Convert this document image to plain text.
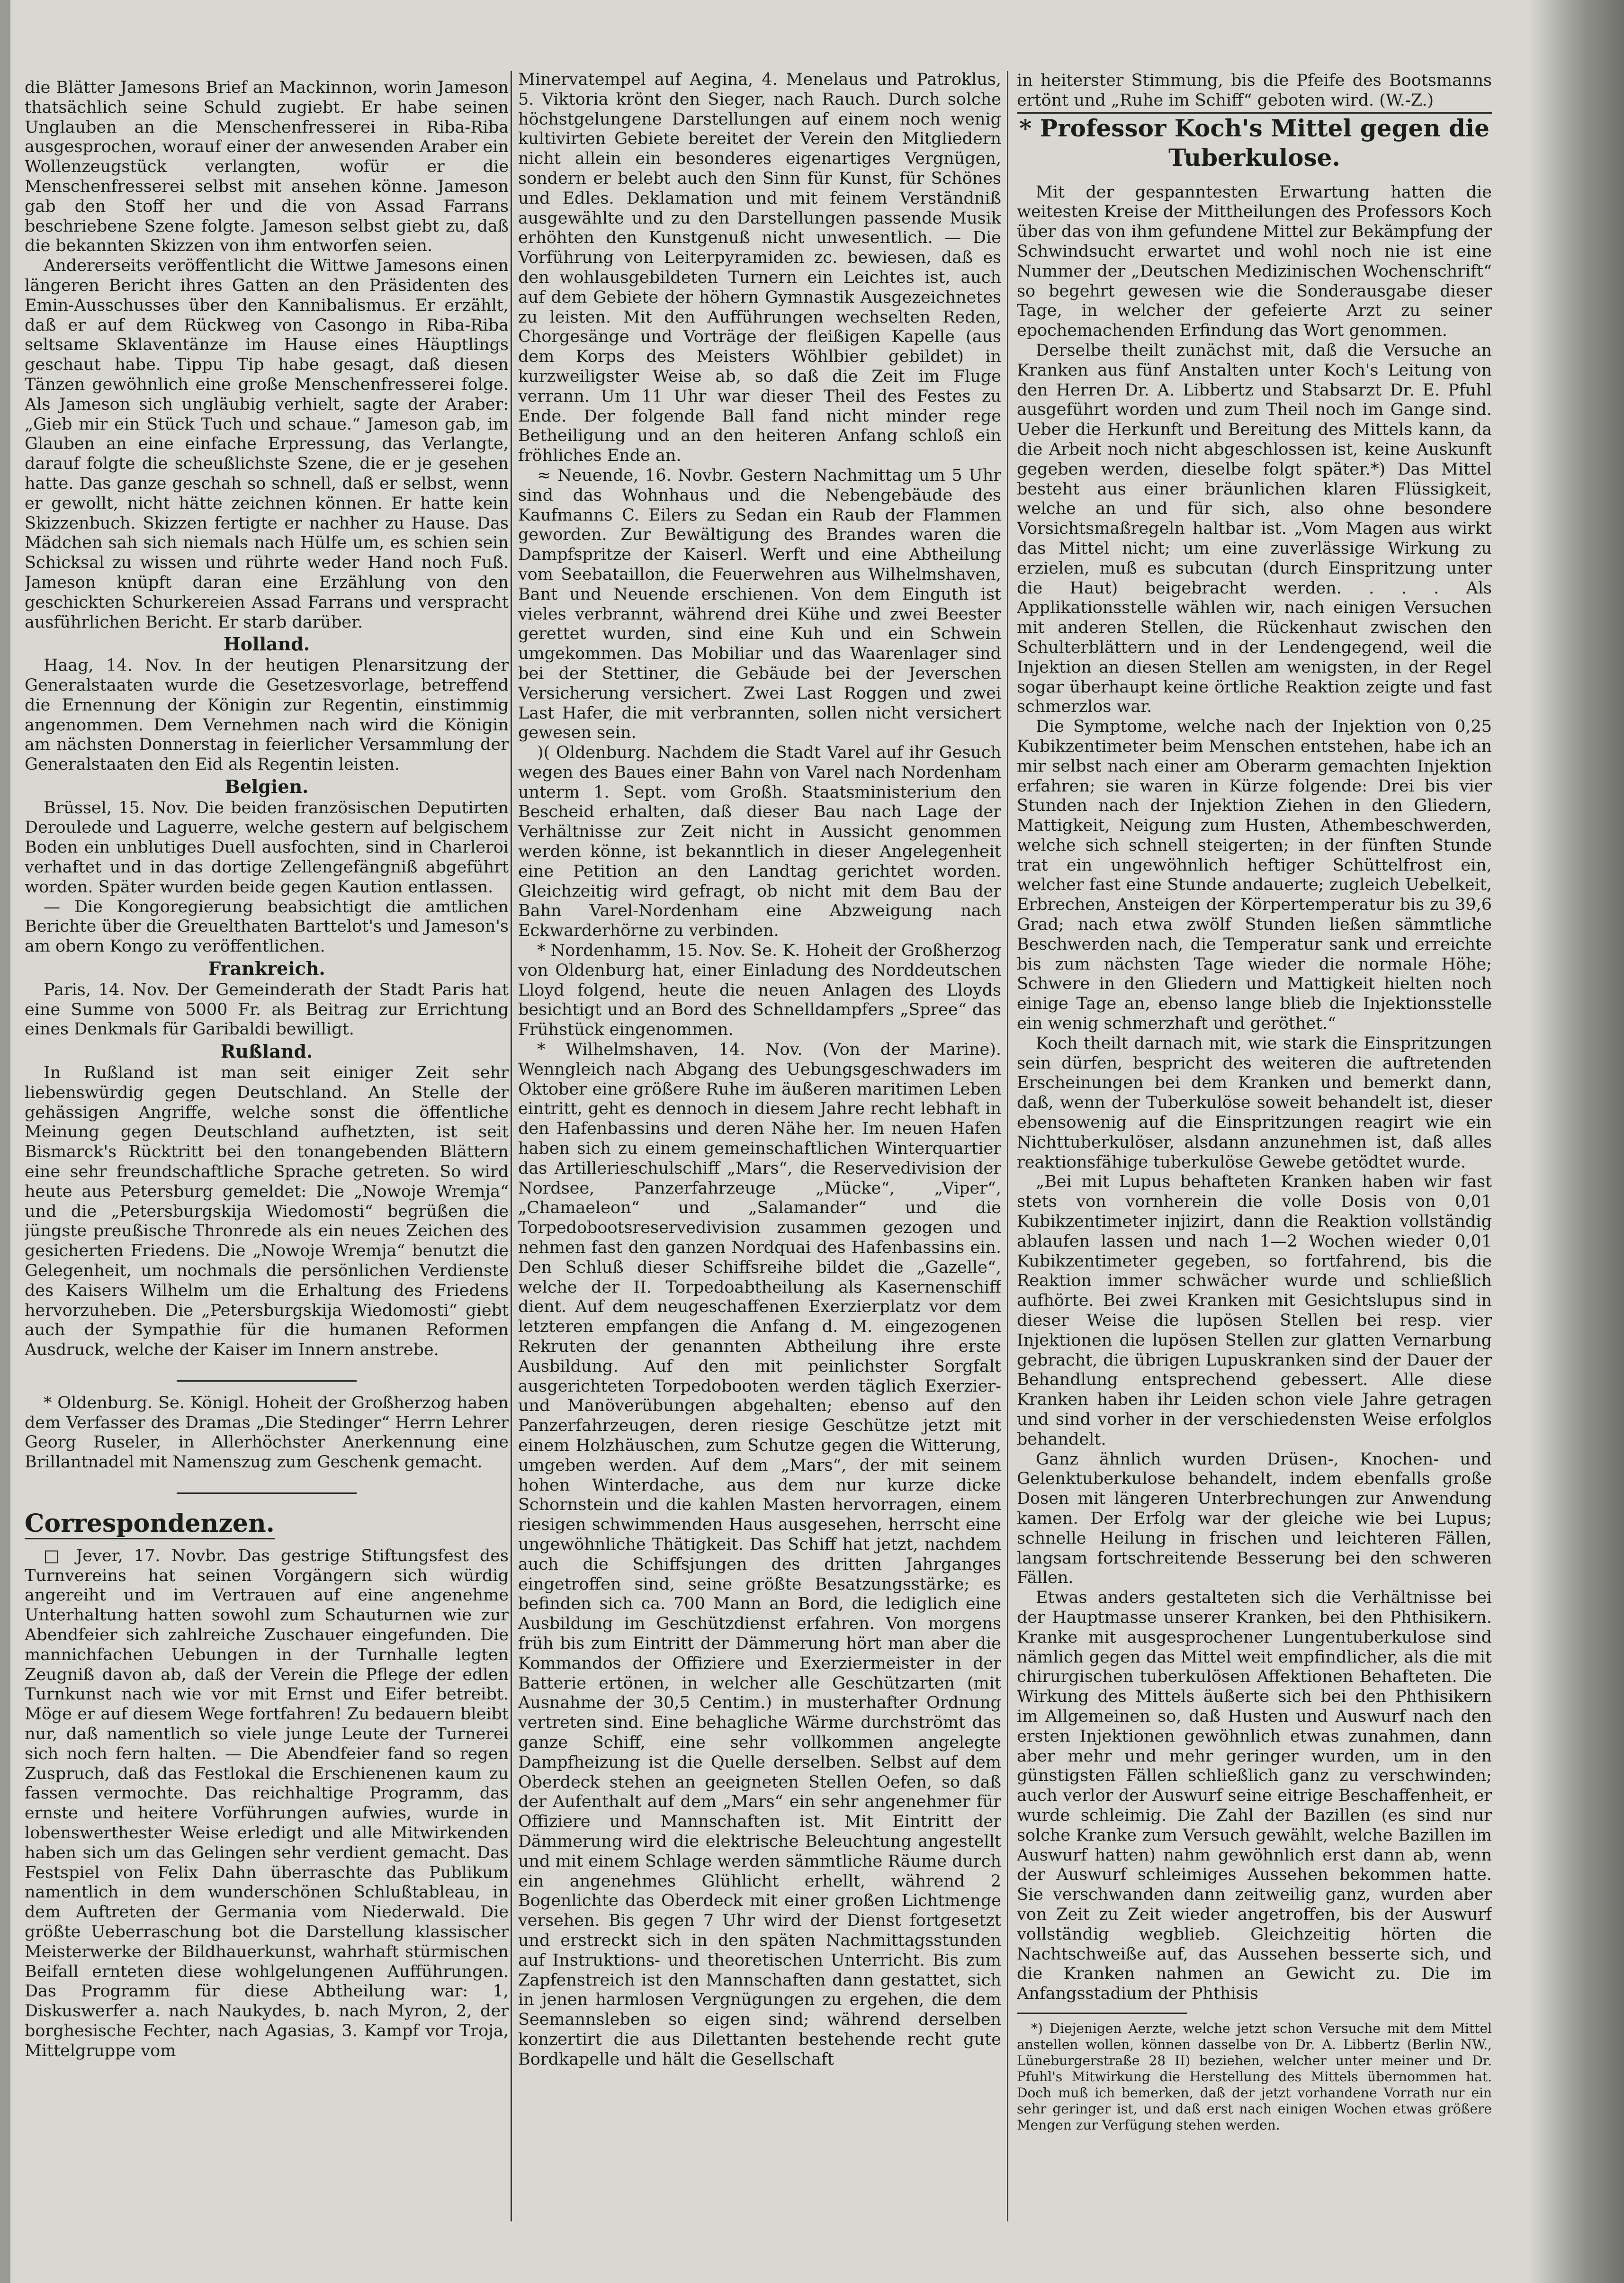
die Blätter Jamesons Brief an Mackinnon, worin Jameson thatsächlich seine Schuld zugiebt. Er habe seinen Unglauben an die Menschenfresserei in Riba-Riba ausgesprochen, worauf einer der anwesenden Araber ein Wollenzeugstück verlangten, wofür er die Menschenfresserei selbst mit ansehen könne. Jameson gab den Stoff her und die von Assad Farrans beschriebene Szene folgte. Jameson selbst giebt zu, daß die bekannten Skizzen von ihm entworfen seien.

Andererseits veröffentlicht die Wittwe Jamesons einen längeren Bericht ihres Gatten an den Präsidenten des Emin-Ausschusses über den Kannibalismus. Er erzählt, daß er auf dem Rückweg von Casongo in Riba-Riba seltsame Sklaventänze im Hause eines Häuptlings geschaut habe. Tippu Tip habe gesagt, daß diesen Tänzen gewöhnlich eine große Menschenfresserei folge. Als Jameson sich ungläubig verhielt, sagte der Araber: „Gieb mir ein Stück Tuch und schaue.“ Jameson gab, im Glauben an eine einfache Erpressung, das Verlangte, darauf folgte die scheußlichste Szene, die er je gesehen hatte. Das ganze geschah so schnell, daß er selbst, wenn er gewollt, nicht hätte zeichnen können. Er hatte kein Skizzenbuch. Skizzen fertigte er nachher zu Hause. Das Mädchen sah sich niemals nach Hülfe um, es schien sein Schicksal zu wissen und rührte weder Hand noch Fuß. Jameson knüpft daran eine Erzählung von den geschickten Schurkereien Assad Farrans und verspracht ausführlichen Bericht. Er starb darüber.

Holland.

Haag, 14. Nov. In der heutigen Plenarsitzung der Generalstaaten wurde die Gesetzesvorlage, betreffend die Ernennung der Königin zur Regentin, einstimmig angenommen. Dem Vernehmen nach wird die Königin am nächsten Donnerstag in feierlicher Versammlung der Generalstaaten den Eid als Regentin leisten.

Belgien.

Brüssel, 15. Nov. Die beiden französischen Deputirten Deroulede und Laguerre, welche gestern auf belgischem Boden ein unblutiges Duell ausfochten, sind in Charleroi verhaftet und in das dortige Zellengefängniß abgeführt worden. Später wurden beide gegen Kaution entlassen.

— Die Kongoregierung beabsichtigt die amtlichen Berichte über die Greuelthaten Barttelot's und Jameson's am obern Kongo zu veröffentlichen.

Frankreich.

Paris, 14. Nov. Der Gemeinderath der Stadt Paris hat eine Summe von 5000 Fr. als Beitrag zur Errichtung eines Denkmals für Garibaldi bewilligt.

Rußland.

In Rußland ist man seit einiger Zeit sehr liebenswürdig gegen Deutschland. An Stelle der gehässigen Angriffe, welche sonst die öffentliche Meinung gegen Deutschland aufhetzten, ist seit Bismarck's Rücktritt bei den tonangebenden Blättern eine sehr freundschaftliche Sprache getreten. So wird heute aus Petersburg gemeldet: Die „Nowoje Wremja“ und die „Petersburgskija Wiedomosti“ begrüßen die jüngste preußische Thronrede als ein neues Zeichen des gesicherten Friedens. Die „Nowoje Wremja“ benutzt die Gelegenheit, um nochmals die persönlichen Verdienste des Kaisers Wilhelm um die Erhaltung des Friedens hervorzuheben. Die „Petersburgskija Wiedomosti“ giebt auch der Sympathie für die humanen Reformen Ausdruck, welche der Kaiser im Innern anstrebe.

* Oldenburg. Se. Königl. Hoheit der Großherzog haben dem Verfasser des Dramas „Die Stedinger“ Herrn Lehrer Georg Ruseler, in Allerhöchster Anerkennung eine Brillantnadel mit Namenszug zum Geschenk gemacht.

Correspondenzen.

□ Jever, 17. Novbr. Das gestrige Stiftungsfest des Turnvereins hat seinen Vorgängern sich würdig angereiht und im Vertrauen auf eine angenehme Unterhaltung hatten sowohl zum Schauturnen wie zur Abendfeier sich zahlreiche Zuschauer eingefunden. Die mannichfachen Uebungen in der Turnhalle legten Zeugniß davon ab, daß der Verein die Pflege der edlen Turnkunst nach wie vor mit Ernst und Eifer betreibt. Möge er auf diesem Wege fortfahren! Zu bedauern bleibt nur, daß namentlich so viele junge Leute der Turnerei sich noch fern halten. — Die Abendfeier fand so regen Zuspruch, daß das Festlokal die Erschienenen kaum zu fassen vermochte. Das reichhaltige Programm, das ernste und heitere Vorführungen aufwies, wurde in lobenswerthester Weise erledigt und alle Mitwirkenden haben sich um das Gelingen sehr verdient gemacht. Das Festspiel von Felix Dahn überraschte das Publikum namentlich in dem wunderschönen Schlußtableau, in dem Auftreten der Germania vom Niederwald. Die größte Ueberraschung bot die Darstellung klassischer Meisterwerke der Bildhauerkunst, wahrhaft stürmischen Beifall ernteten diese wohlgelungenen Aufführungen. Das Programm für diese Abtheilung war: 1, Diskuswerfer a. nach Naukydes, b. nach Myron, 2, der borghesische Fechter, nach Agasias, 3. Kampf vor Troja, Mittelgruppe vom

Minervatempel auf Aegina, 4. Menelaus und Patroklus, 5. Viktoria krönt den Sieger, nach Rauch. Durch solche höchstgelungene Darstellungen auf einem noch wenig kultivirten Gebiete bereitet der Verein den Mitgliedern nicht allein ein besonderes eigenartiges Vergnügen, sondern er belebt auch den Sinn für Kunst, für Schönes und Edles. Deklamation und mit feinem Verständniß ausgewählte und zu den Darstellungen passende Musik erhöhten den Kunstgenuß nicht unwesentlich. — Die Vorführung von Leiterpyramiden zc. bewiesen, daß es den wohlausgebildeten Turnern ein Leichtes ist, auch auf dem Gebiete der höhern Gymnastik Ausgezeichnetes zu leisten. Mit den Aufführungen wechselten Reden, Chorgesänge und Vorträge der fleißigen Kapelle (aus dem Korps des Meisters Wöhlbier gebildet) in kurzweiligster Weise ab, so daß die Zeit im Fluge verrann. Um 11 Uhr war dieser Theil des Festes zu Ende. Der folgende Ball fand nicht minder rege Betheiligung und an den heiteren Anfang schloß ein fröhliches Ende an.

≈ Neuende, 16. Novbr. Gestern Nachmittag um 5 Uhr sind das Wohnhaus und die Nebengebäude des Kaufmanns C. Eilers zu Sedan ein Raub der Flammen geworden. Zur Bewältigung des Brandes waren die Dampfspritze der Kaiserl. Werft und eine Abtheilung vom Seebataillon, die Feuerwehren aus Wilhelmshaven, Bant und Neuende erschienen. Von dem Einguth ist vieles verbrannt, während drei Kühe und zwei Beester gerettet wurden, sind eine Kuh und ein Schwein umgekommen. Das Mobiliar und das Waarenlager sind bei der Stettiner, die Gebäude bei der Jeverschen Versicherung versichert. Zwei Last Roggen und zwei Last Hafer, die mit verbrannten, sollen nicht versichert gewesen sein.

)( Oldenburg. Nachdem die Stadt Varel auf ihr Gesuch wegen des Baues einer Bahn von Varel nach Nordenham unterm 1. Sept. vom Großh. Staatsministerium den Bescheid erhalten, daß dieser Bau nach Lage der Verhältnisse zur Zeit nicht in Aussicht genommen werden könne, ist bekanntlich in dieser Angelegenheit eine Petition an den Landtag gerichtet worden. Gleichzeitig wird gefragt, ob nicht mit dem Bau der Bahn Varel-Nordenham eine Abzweigung nach Eckwarderhörne zu verbinden.

* Nordenhamm, 15. Nov. Se. K. Hoheit der Großherzog von Oldenburg hat, einer Einladung des Norddeutschen Lloyd folgend, heute die neuen Anlagen des Lloyds besichtigt und an Bord des Schnelldampfers „Spree“ das Frühstück eingenommen.

* Wilhelmshaven, 14. Nov. (Von der Marine). Wenngleich nach Abgang des Uebungsgeschwaders im Oktober eine größere Ruhe im äußeren maritimen Leben eintritt, geht es dennoch in diesem Jahre recht lebhaft in den Hafenbassins und deren Nähe her. Im neuen Hafen haben sich zu einem gemeinschaftlichen Winterquartier das Artillerieschulschiff „Mars“, die Reservedivision der Nordsee, Panzerfahrzeuge „Mücke“, „Viper“, „Chamaeleon“ und „Salamander“ und die Torpedobootsreservedivision zusammen gezogen und nehmen fast den ganzen Nordquai des Hafenbassins ein. Den Schluß dieser Schiffsreihe bildet die „Gazelle“, welche der II. Torpedoabtheilung als Kasernenschiff dient. Auf dem neugeschaffenen Exerzierplatz vor dem letzteren empfangen die Anfang d. M. eingezogenen Rekruten der genannten Abtheilung ihre erste Ausbildung. Auf den mit peinlichster Sorgfalt ausgerichteten Torpedobooten werden täglich Exerzier- und Manöverübungen abgehalten; ebenso auf den Panzerfahrzeugen, deren riesige Geschütze jetzt mit einem Holzhäuschen, zum Schutze gegen die Witterung, umgeben werden. Auf dem „Mars“, der mit seinem hohen Winterdache, aus dem nur kurze dicke Schornstein und die kahlen Masten hervorragen, einem riesigen schwimmenden Haus ausgesehen, herrscht eine ungewöhnliche Thätigkeit. Das Schiff hat jetzt, nachdem auch die Schiffsjungen des dritten Jahrganges eingetroffen sind, seine größte Besatzungsstärke; es befinden sich ca. 700 Mann an Bord, die lediglich eine Ausbildung im Geschützdienst erfahren. Von morgens früh bis zum Eintritt der Dämmerung hört man aber die Kommandos der Offiziere und Exerziermeister in der Batterie ertönen, in welcher alle Geschützarten (mit Ausnahme der 30,5 Centim.) in musterhafter Ordnung vertreten sind. Eine behagliche Wärme durchströmt das ganze Schiff, eine sehr vollkommen angelegte Dampfheizung ist die Quelle derselben. Selbst auf dem Oberdeck stehen an geeigneten Stellen Oefen, so daß der Aufenthalt auf dem „Mars“ ein sehr angenehmer für Offiziere und Mannschaften ist. Mit Eintritt der Dämmerung wird die elektrische Beleuchtung angestellt und mit einem Schlage werden sämmtliche Räume durch ein angenehmes Glühlicht erhellt, während 2 Bogenlichte das Oberdeck mit einer großen Lichtmenge versehen. Bis gegen 7 Uhr wird der Dienst fortgesetzt und erstreckt sich in den späten Nachmittagsstunden auf Instruktions- und theoretischen Unterricht. Bis zum Zapfenstreich ist den Mannschaften dann gestattet, sich in jenen harmlosen Vergnügungen zu ergehen, die dem Seemannsleben so eigen sind; während derselben konzertirt die aus Dilettanten bestehende recht gute Bordkapelle und hält die Gesellschaft

in heiterster Stimmung, bis die Pfeife des Bootsmanns ertönt und „Ruhe im Schiff“ geboten wird. (W.-Z.)

* Professor Koch's Mittel gegen die Tuberkulose.

Mit der gespanntesten Erwartung hatten die weitesten Kreise der Mittheilungen des Professors Koch über das von ihm gefundene Mittel zur Bekämpfung der Schwindsucht erwartet und wohl noch nie ist eine Nummer der „Deutschen Medizinischen Wochenschrift“ so begehrt gewesen wie die Sonderausgabe dieser Tage, in welcher der gefeierte Arzt zu seiner epochemachenden Erfindung das Wort genommen.

Derselbe theilt zunächst mit, daß die Versuche an Kranken aus fünf Anstalten unter Koch's Leitung von den Herren Dr. A. Libbertz und Stabsarzt Dr. E. Pfuhl ausgeführt worden und zum Theil noch im Gange sind. Ueber die Herkunft und Bereitung des Mittels kann, da die Arbeit noch nicht abgeschlossen ist, keine Auskunft gegeben werden, dieselbe folgt später.*) Das Mittel besteht aus einer bräunlichen klaren Flüssigkeit, welche an und für sich, also ohne besondere Vorsichtsmaßregeln haltbar ist. „Vom Magen aus wirkt das Mittel nicht; um eine zuverlässige Wirkung zu erzielen, muß es subcutan (durch Einspritzung unter die Haut) beigebracht werden. . . . Als Applikationsstelle wählen wir, nach einigen Versuchen mit anderen Stellen, die Rückenhaut zwischen den Schulterblättern und in der Lendengegend, weil die Injektion an diesen Stellen am wenigsten, in der Regel sogar überhaupt keine örtliche Reaktion zeigte und fast schmerzlos war.

Die Symptome, welche nach der Injektion von 0,25 Kubikzentimeter beim Menschen entstehen, habe ich an mir selbst nach einer am Oberarm gemachten Injektion erfahren; sie waren in Kürze folgende: Drei bis vier Stunden nach der Injektion Ziehen in den Gliedern, Mattigkeit, Neigung zum Husten, Athembeschwerden, welche sich schnell steigerten; in der fünften Stunde trat ein ungewöhnlich heftiger Schüttelfrost ein, welcher fast eine Stunde andauerte; zugleich Uebelkeit, Erbrechen, Ansteigen der Körpertemperatur bis zu 39,6 Grad; nach etwa zwölf Stunden ließen sämmtliche Beschwerden nach, die Temperatur sank und erreichte bis zum nächsten Tage wieder die normale Höhe; Schwere in den Gliedern und Mattigkeit hielten noch einige Tage an, ebenso lange blieb die Injektionsstelle ein wenig schmerzhaft und geröthet.“

Koch theilt darnach mit, wie stark die Einspritzungen sein dürfen, bespricht des weiteren die auftretenden Erscheinungen bei dem Kranken und bemerkt dann, daß, wenn der Tuberkulöse soweit behandelt ist, dieser ebensowenig auf die Einspritzungen reagirt wie ein Nichttuberkulöser, alsdann anzunehmen ist, daß alles reaktionsfähige tuberkulöse Gewebe getödtet wurde.

„Bei mit Lupus behafteten Kranken haben wir fast stets von vornherein die volle Dosis von 0,01 Kubikzentimeter injizirt, dann die Reaktion vollständig ablaufen lassen und nach 1—2 Wochen wieder 0,01 Kubikzentimeter gegeben, so fortfahrend, bis die Reaktion immer schwächer wurde und schließlich aufhörte. Bei zwei Kranken mit Gesichtslupus sind in dieser Weise die lupösen Stellen bei resp. vier Injektionen die lupösen Stellen zur glatten Vernarbung gebracht, die übrigen Lupuskranken sind der Dauer der Behandlung entsprechend gebessert. Alle diese Kranken haben ihr Leiden schon viele Jahre getragen und sind vorher in der verschiedensten Weise erfolglos behandelt.

Ganz ähnlich wurden Drüsen-, Knochen- und Gelenktuberkulose behandelt, indem ebenfalls große Dosen mit längeren Unterbrechungen zur Anwendung kamen. Der Erfolg war der gleiche wie bei Lupus; schnelle Heilung in frischen und leichteren Fällen, langsam fortschreitende Besserung bei den schweren Fällen.

Etwas anders gestalteten sich die Verhältnisse bei der Hauptmasse unserer Kranken, bei den Phthisikern. Kranke mit ausgesprochener Lungentuberkulose sind nämlich gegen das Mittel weit empfindlicher, als die mit chirurgischen tuberkulösen Affektionen Behafteten. Die Wirkung des Mittels äußerte sich bei den Phthisikern im Allgemeinen so, daß Husten und Auswurf nach den ersten Injektionen gewöhnlich etwas zunahmen, dann aber mehr und mehr geringer wurden, um in den günstigsten Fällen schließlich ganz zu verschwinden; auch verlor der Auswurf seine eitrige Beschaffenheit, er wurde schleimig. Die Zahl der Bazillen (es sind nur solche Kranke zum Versuch gewählt, welche Bazillen im Auswurf hatten) nahm gewöhnlich erst dann ab, wenn der Auswurf schleimiges Aussehen bekommen hatte. Sie verschwanden dann zeitweilig ganz, wurden aber von Zeit zu Zeit wieder angetroffen, bis der Auswurf vollständig wegblieb. Gleichzeitig hörten die Nachtschweiße auf, das Aussehen besserte sich, und die Kranken nahmen an Gewicht zu. Die im Anfangsstadium der Phthisis

*) Diejenigen Aerzte, welche jetzt schon Versuche mit dem Mittel anstellen wollen, können dasselbe von Dr. A. Libbertz (Berlin NW., Lüneburgerstraße 28 II) beziehen, welcher unter meiner und Dr. Pfuhl's Mitwirkung die Herstellung des Mittels übernommen hat. Doch muß ich bemerken, daß der jetzt vorhandene Vorrath nur ein sehr geringer ist, und daß erst nach einigen Wochen etwas größere Mengen zur Verfügung stehen werden.
